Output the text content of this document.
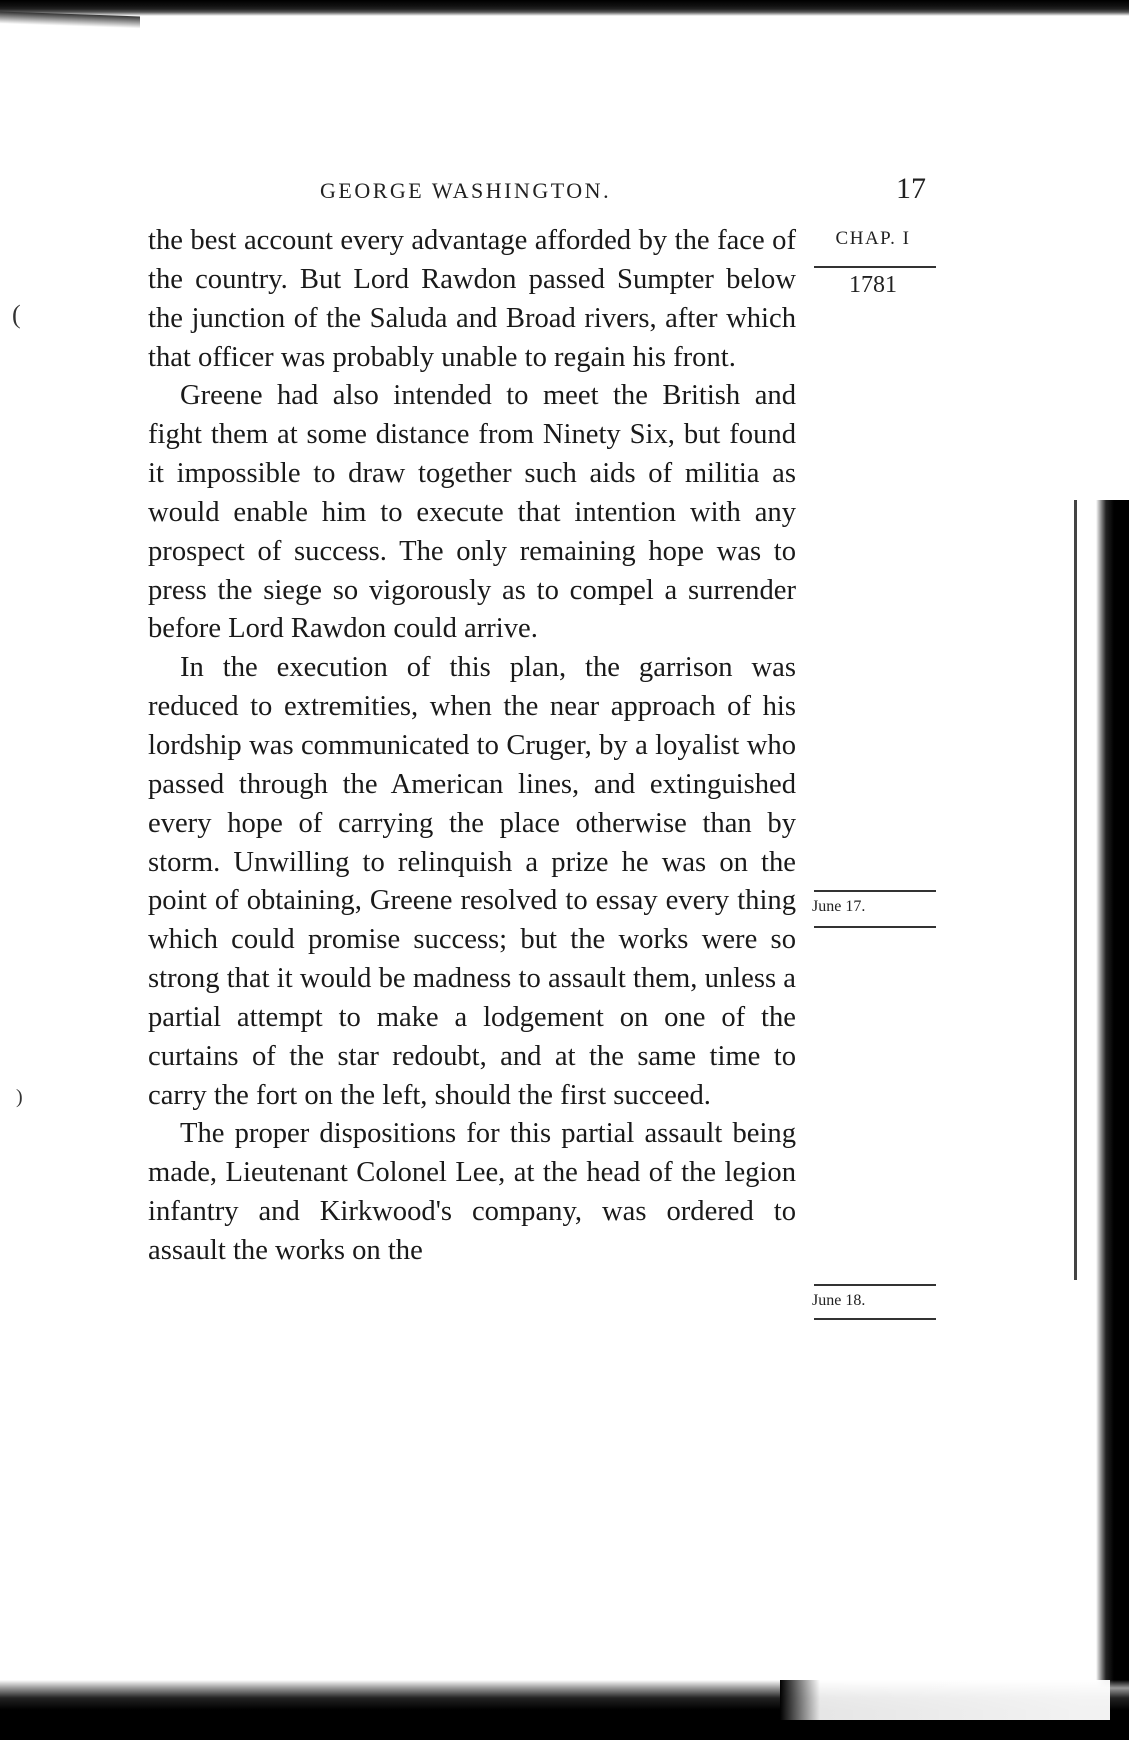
(
)
GEORGE WASHINGTON.	17
CHAP. I
1781
June 17.
June 18.

the best account every advantage afforded by the face of the country. But Lord Rawdon passed Sumpter below the junction of the Saluda and Broad rivers, after which that officer was probably unable to regain his front.

Greene had also intended to meet the British and fight them at some distance from Ninety Six, but found it impossible to draw together such aids of militia as would enable him to execute that intention with any prospect of success. The only remaining hope was to press the siege so vigorously as to compel a surrender before Lord Rawdon could arrive.

In the execution of this plan, the garrison was reduced to extremities, when the near approach of his lordship was communicated to Cruger, by a loyalist who passed through the American lines, and extinguished every hope of carrying the place otherwise than by storm. Unwilling to relinquish a prize he was on the point of obtaining, Greene resolved to essay every thing which could promise success; but the works were so strong that it would be madness to assault them, unless a partial attempt to make a lodgement on one of the curtains of the star redoubt, and at the same time to carry the fort on the left, should the first succeed.

The proper dispositions for this partial assault being made, Lieutenant Colonel Lee, at the head of the legion infantry and Kirkwood's company, was ordered to assault the works on the
